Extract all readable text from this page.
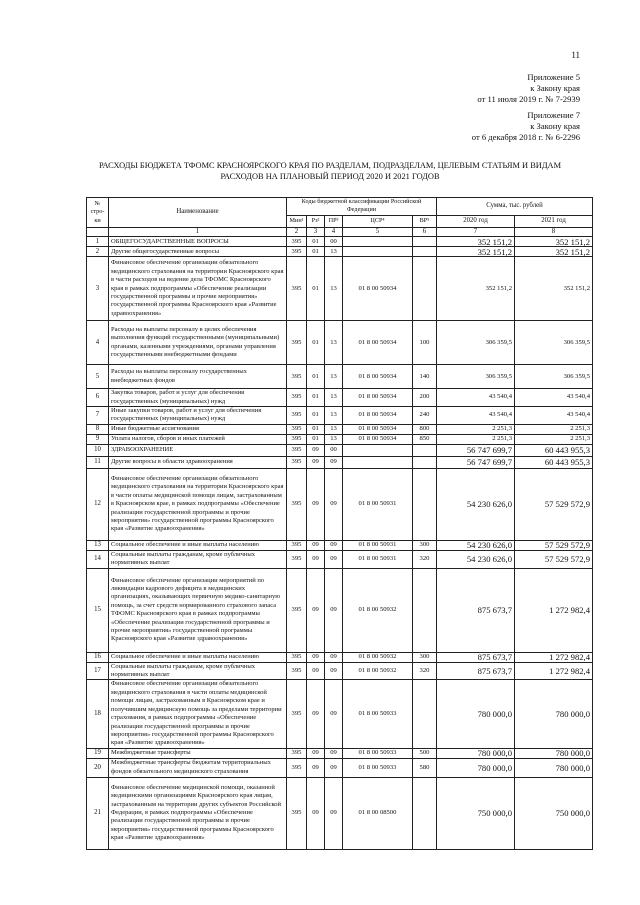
11
Приложение 5
к Закону края
от 11 июля 2019 г. № 7-2939
Приложение 7
к Закону края
от 6 декабря 2018 г. № 6-2296
РАСХОДЫ БЮДЖЕТА ТФОМС КРАСНОЯРСКОГО КРАЯ ПО РАЗДЕЛАМ, ПОДРАЗДЕЛАМ, ЦЕЛЕВЫМ СТАТЬЯМ И ВИДАМ РАСХОДОВ НА ПЛАНОВЫЙ ПЕРИОД 2020 И 2021 ГОДОВ
№ стро-ки	Наименование	Коды бюджетной классификации Российской Федерации					Сумма, тыс. рублей	
		Мин¹	Рз²	ПР³	ЦСР⁴	ВР⁵	2020 год	2021 год
	1	2	3	4	5	6	7	8
1	ОБЩЕГОСУДАРСТВЕННЫЕ ВОПРОСЫ	395	01	00			352 151,2	352 151,2
2	Другие общегосударственные вопросы	395	01	13			352 151,2	352 151,2
3	Финансовое обеспечение организации обязательного медицинского страхования на территории Красноярского края в части расходов на ведение дела ТФОМС Красноярского края в рамках подпрограммы «Обеспечение реализации государственной программы и прочие мероприятия» государственной программы Красноярского края «Развитие здравоохранения»	395	01	13	01 8 00 50934		352 151,2	352 151,2
4	Расходы на выплаты персоналу в целях обеспечения выполнения функций государственными (муниципальными) органами, казенными учреждениями, органами управления государственными внебюджетными фондами	395	01	13	01 8 00 50934	100	306 359,5	306 359,5
5	Расходы на выплаты персоналу государственных внебюджетных фондов	395	01	13	01 8 00 50934	140	306 359,5	306 359,5
6	Закупка товаров, работ и услуг для обеспечения государственных (муниципальных) нужд	395	01	13	01 8 00 50934	200	43 540,4	43 540,4
7	Иные закупки товаров, работ и услуг для обеспечения государственных (муниципальных) нужд	395	01	13	01 8 00 50934	240	43 540,4	43 540,4
8	Иные бюджетные ассигнования	395	01	13	01 8 00 50934	800	2 251,3	2 251,3
9	Уплата налогов, сборов и иных платежей	395	01	13	01 8 00 50934	850	2 251,3	2 251,3
10	ЗДРАВООХРАНЕНИЕ	395	09	00			56 747 699,7	60 443 955,3
11	Другие вопросы в области здравоохранения	395	09	09			56 747 699,7	60 443 955,3
12	Финансовое обеспечение организации обязательного медицинского страхования на территории Красноярского края в части оплаты медицинской помощи лицам, застрахованным в Красноярском крае, в рамках подпрограммы «Обеспечение реализации государственной программы и прочие мероприятия» государственной программы Красноярского края «Развитие здравоохранения»	395	09	09	01 8 00 50931		54 230 626,0	57 529 572,9
13	Социальное обеспечение и иные выплаты населению	395	09	09	01 8 00 50931	300	54 230 626,0	57 529 572,9
14	Социальные выплаты гражданам, кроме публичных нормативных выплат	395	09	09	01 8 00 50931	320	54 230 626,0	57 529 572,9
15	Финансовое обеспечение организации мероприятий по ликвидации кадрового дефицита в медицинских организациях, оказывающих первичную медико-санитарную помощь, за счет средств нормированного страхового запаса ТФОМС Красноярского края в рамках подпрограммы «Обеспечение реализации государственной программы и прочие мероприятия» государственной программы Красноярского края «Развитие здравоохранения»	395	09	09	01 8 00 50932		875 673,7	1 272 982,4
16	Социальное обеспечение и иные выплаты населению	395	09	09	01 8 00 50932	300	875 673,7	1 272 982,4
17	Социальные выплаты гражданам, кроме публичных нормативных выплат	395	09	09	01 8 00 50932	320	875 673,7	1 272 982,4
18	Финансовое обеспечение организации обязательного медицинского страхования в части оплаты медицинской помощи лицам, застрахованным в Красноярском крае и получившим медицинскую помощь за пределами территории страхования, в рамках подпрограммы «Обеспечение реализации государственной программы и прочие мероприятия» государственной программы Красноярского края «Развитие здравоохранения»	395	09	09	01 8 00 50933		780 000,0	780 000,0
19	Межбюджетные трансферты	395	09	09	01 8 00 50933	500	780 000,0	780 000,0
20	Межбюджетные трансферты бюджетам территориальных фондов обязательного медицинского страхования	395	09	09	01 8 00 50933	580	780 000,0	780 000,0
21	Финансовое обеспечение медицинской помощи, оказанной медицинскими организациями Красноярского края лицам, застрахованным на территории других субъектов Российской Федерации, в рамках подпрограммы «Обеспечение реализации государственной программы и прочие мероприятия» государственной программы Красноярского края «Развитие здравоохранения»	395	09	09	01 8 00 08500		750 000,0	750 000,0
